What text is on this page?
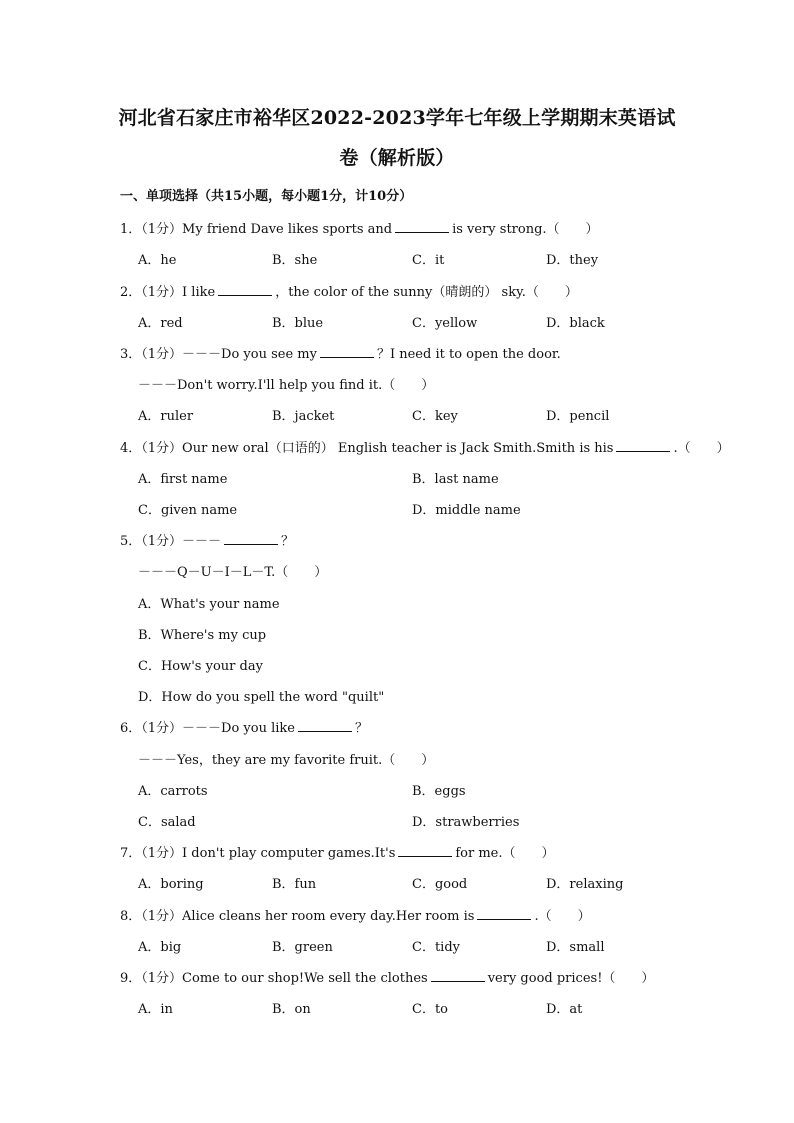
河北省石家庄市裕华区2022-2023学年七年级上学期期末英语试
卷（解析版）
一、单项选择（共15小题，每小题1分，计10分）
1．（1分）My friend Dave likes sports and	is very strong.（　　）
A．he	B．she	C．it	D．they
2．（1分）I like	，the color of the sunny（晴朗的） sky.（　　）
A．red	B．blue	C．yellow	D．black
3．（1分）－－－Do you see my	？I need it to open the door.
－－－Don't worry.I'll help you find it.（　　）
A．ruler	B．jacket	C．key	D．pencil
4．（1分）Our new oral（口语的） English teacher is Jack Smith.Smith is his	.（　　）
A．first name	B．last name
C．given name	D．middle name
5．（1分）－－－	？
－－－Q－U－I－L－T.（　　）
A．What's your name
B．Where's my cup
C．How's your day
D．How do you spell the word "quilt"
6．（1分）－－－Do you like	？
－－－Yes，they are my favorite fruit.（　　）
A．carrots	B．eggs
C．salad	D．strawberries
7．（1分）I don't play computer games.It's	for me.（　　）
A．boring	B．fun	C．good	D．relaxing
8．（1分）Alice cleans her room every day.Her room is	.（　　）
A．big	B．green	C．tidy	D．small
9．（1分）Come to our shop!We sell the clothes	very good prices!（　　）
A．in	B．on	C．to	D．at
